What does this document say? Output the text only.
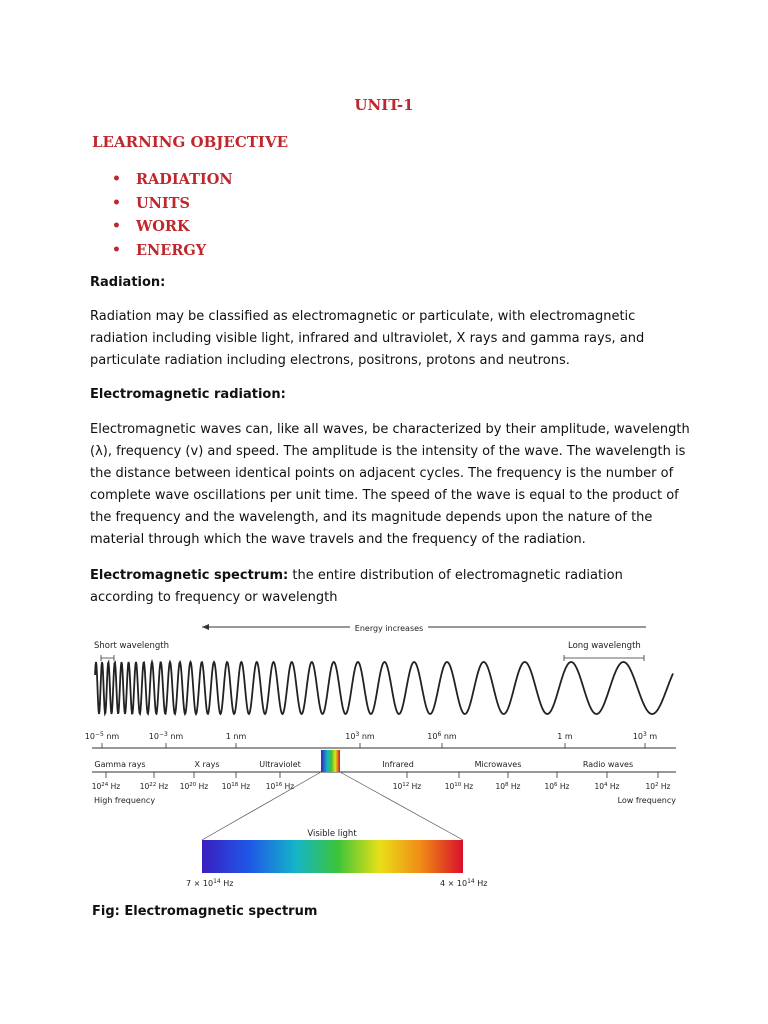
UNIT-1
LEARNING OBJECTIVE
• RADIATION
• UNITS
• WORK
• ENERGY
Radiation:
Radiation may be classified as electromagnetic or particulate, with electromagnetic radiation including visible light, infrared and ultraviolet, X rays and gamma rays, and particulate radiation including electrons, positrons, protons and neutrons.
Electromagnetic radiation:
Electromagnetic waves can, like all waves, be characterized by their amplitude, wavelength (λ), frequency (v) and speed. The amplitude is the intensity of the wave. The wavelength is the distance between identical points on adjacent cycles. The frequency is the number of complete wave oscillations per unit time. The speed of the wave is equal to the product of the frequency and the wavelength, and its magnitude depends upon the nature of the material through which the wave travels and the frequency of the radiation.
Electromagnetic spectrum: the entire distribution of electromagnetic radiation according to frequency or wavelength
Energy increases
Short wavelength	Long wavelength
$10^{-5}$ nm	$10^{-3}$ nm	1 nm	$10^3$ nm	$10^6$ nm	1 m	$10^3$ m
Gamma rays	X rays	Ultraviolet	Infrared	Microwaves	Radio waves
$10^{24}$ Hz	$10^{22}$ Hz $10^{20}$ Hz $10^{18}$ Hz $10^{16}$ Hz	$10^{12}$ Hz	$10^{10}$ Hz	$10^8$ Hz	$10^6$ Hz	$10^4$ Hz	$10^2$ Hz
High frequency	Low frequency
Visible light
$7 \times 10^{14}$ Hz	$4 \times 10^{14}$ Hz
Fig: Electromagnetic spectrum
